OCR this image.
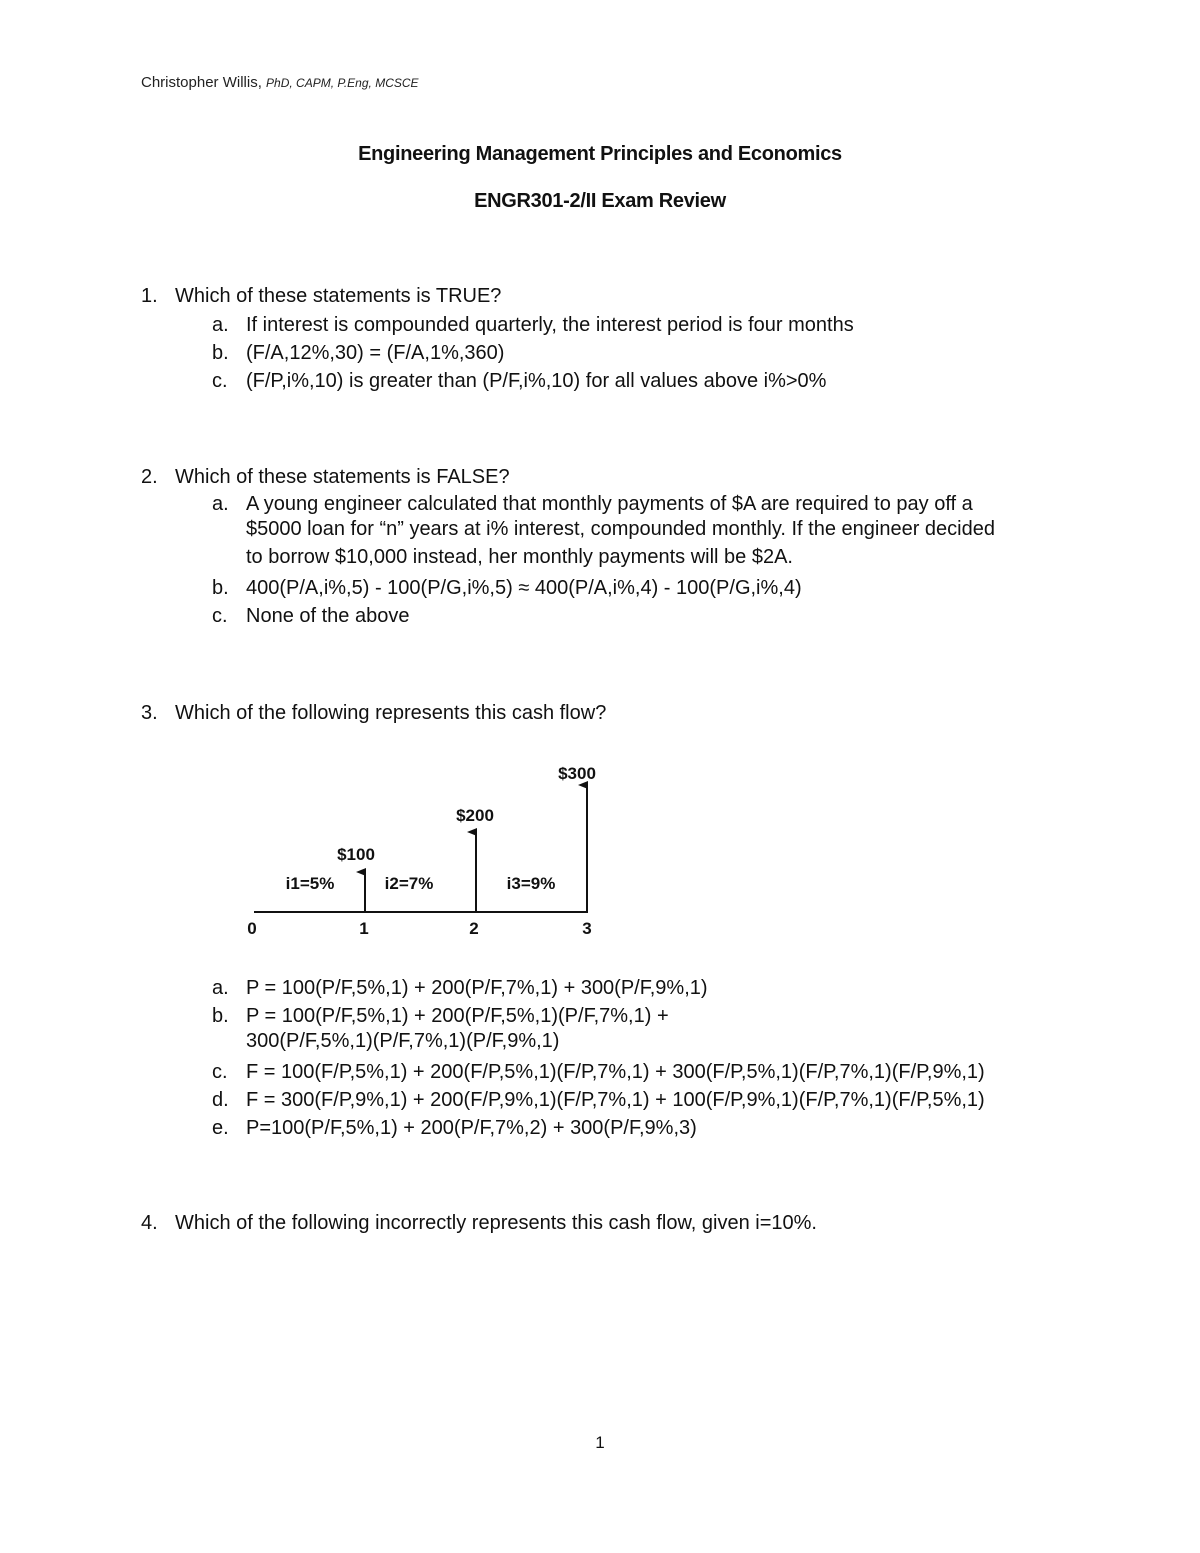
Christopher Willis, PhD, CAPM, P.Eng, MCSCE
Engineering Management Principles and Economics
ENGR301-2/II Exam Review
1. Which of these statements is TRUE?
a. If interest is compounded quarterly, the interest period is four months
b. (F/A,12%,30) = (F/A,1%,360)
c. (F/P,i%,10) is greater than (P/F,i%,10) for all values above i%>0%
2. Which of these statements is FALSE?
a. A young engineer calculated that monthly payments of $A are required to pay off a
$5000 loan for “n” years at i% interest, compounded monthly. If the engineer decided
to borrow $10,000 instead, her monthly payments will be $2A.
b. 400(P/A,i%,5) - 100(P/G,i%,5) ≈ 400(P/A,i%,4) - 100(P/G,i%,4)
c. None of the above
3. Which of the following represents this cash flow?
0	1	2	3
$100
$200
$300
i1=5%	i2=7%	i3=9%
a. P = 100(P/F,5%,1) + 200(P/F,7%,1) + 300(P/F,9%,1)
b. P = 100(P/F,5%,1) + 200(P/F,5%,1)(P/F,7%,1) +
300(P/F,5%,1)(P/F,7%,1)(P/F,9%,1)
c. F = 100(F/P,5%,1) + 200(F/P,5%,1)(F/P,7%,1) + 300(F/P,5%,1)(F/P,7%,1)(F/P,9%,1)
d. F = 300(F/P,9%,1) + 200(F/P,9%,1)(F/P,7%,1) + 100(F/P,9%,1)(F/P,7%,1)(F/P,5%,1)
e. P=100(P/F,5%,1) + 200(P/F,7%,2) + 300(P/F,9%,3)
4. Which of the following incorrectly represents this cash flow, given i=10%.
1
